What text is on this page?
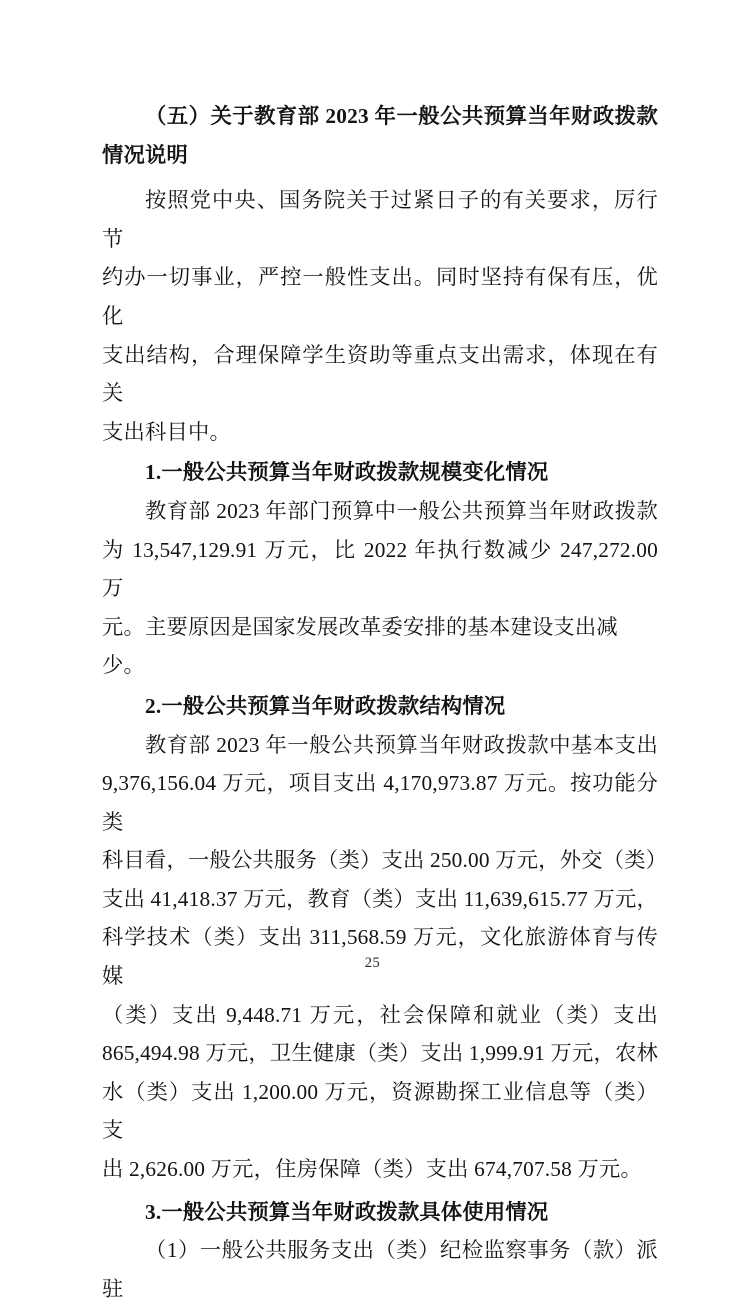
（五）关于教育部 2023 年一般公共预算当年财政拨款
情况说明
按照党中央、国务院关于过紧日子的有关要求，厉行节
约办一切事业，严控一般性支出。同时坚持有保有压，优化
支出结构，合理保障学生资助等重点支出需求，体现在有关
支出科目中。
1.一般公共预算当年财政拨款规模变化情况
教育部 2023 年部门预算中一般公共预算当年财政拨款
为 13,547,129.91 万元，比 2022 年执行数减少 247,272.00 万
元。主要原因是国家发展改革委安排的基本建设支出减少。
2.一般公共预算当年财政拨款结构情况
教育部 2023 年一般公共预算当年财政拨款中基本支出
9,376,156.04 万元，项目支出 4,170,973.87 万元。按功能分类
科目看，一般公共服务（类）支出 250.00 万元，外交（类）
支出 41,418.37 万元，教育（类）支出 11,639,615.77 万元，
科学技术（类）支出 311,568.59 万元，文化旅游体育与传媒
（类）支出 9,448.71 万元，社会保障和就业（类）支出
865,494.98 万元，卫生健康（类）支出 1,999.91 万元，农林
水（类）支出 1,200.00 万元，资源勘探工业信息等（类）支
出 2,626.00 万元，住房保障（类）支出 674,707.58 万元。
3.一般公共预算当年财政拨款具体使用情况
（1）一般公共服务支出（类）纪检监察事务（款）派驻
25
